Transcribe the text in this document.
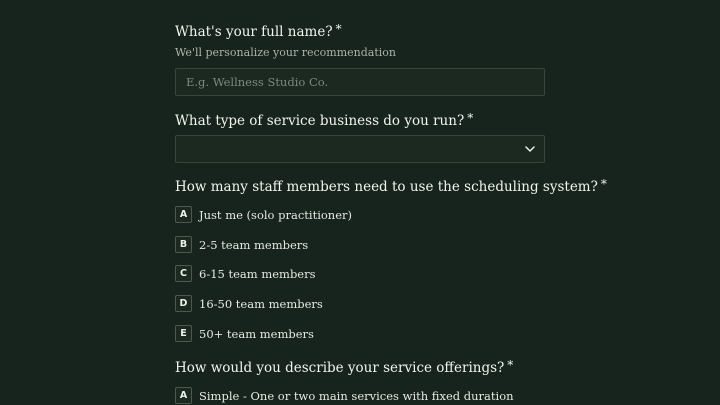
What's your full name? *
We'll personalize your recommendation
E.g. Wellness Studio Co.
What type of service business do you run? *
How many staff members need to use the scheduling system? *
A	Just me (solo practitioner)
B	2-5 team members
C	6-15 team members
D	16-50 team members
E	50+ team members
How would you describe your service offerings? *
A	Simple - One or two main services with fixed duration
